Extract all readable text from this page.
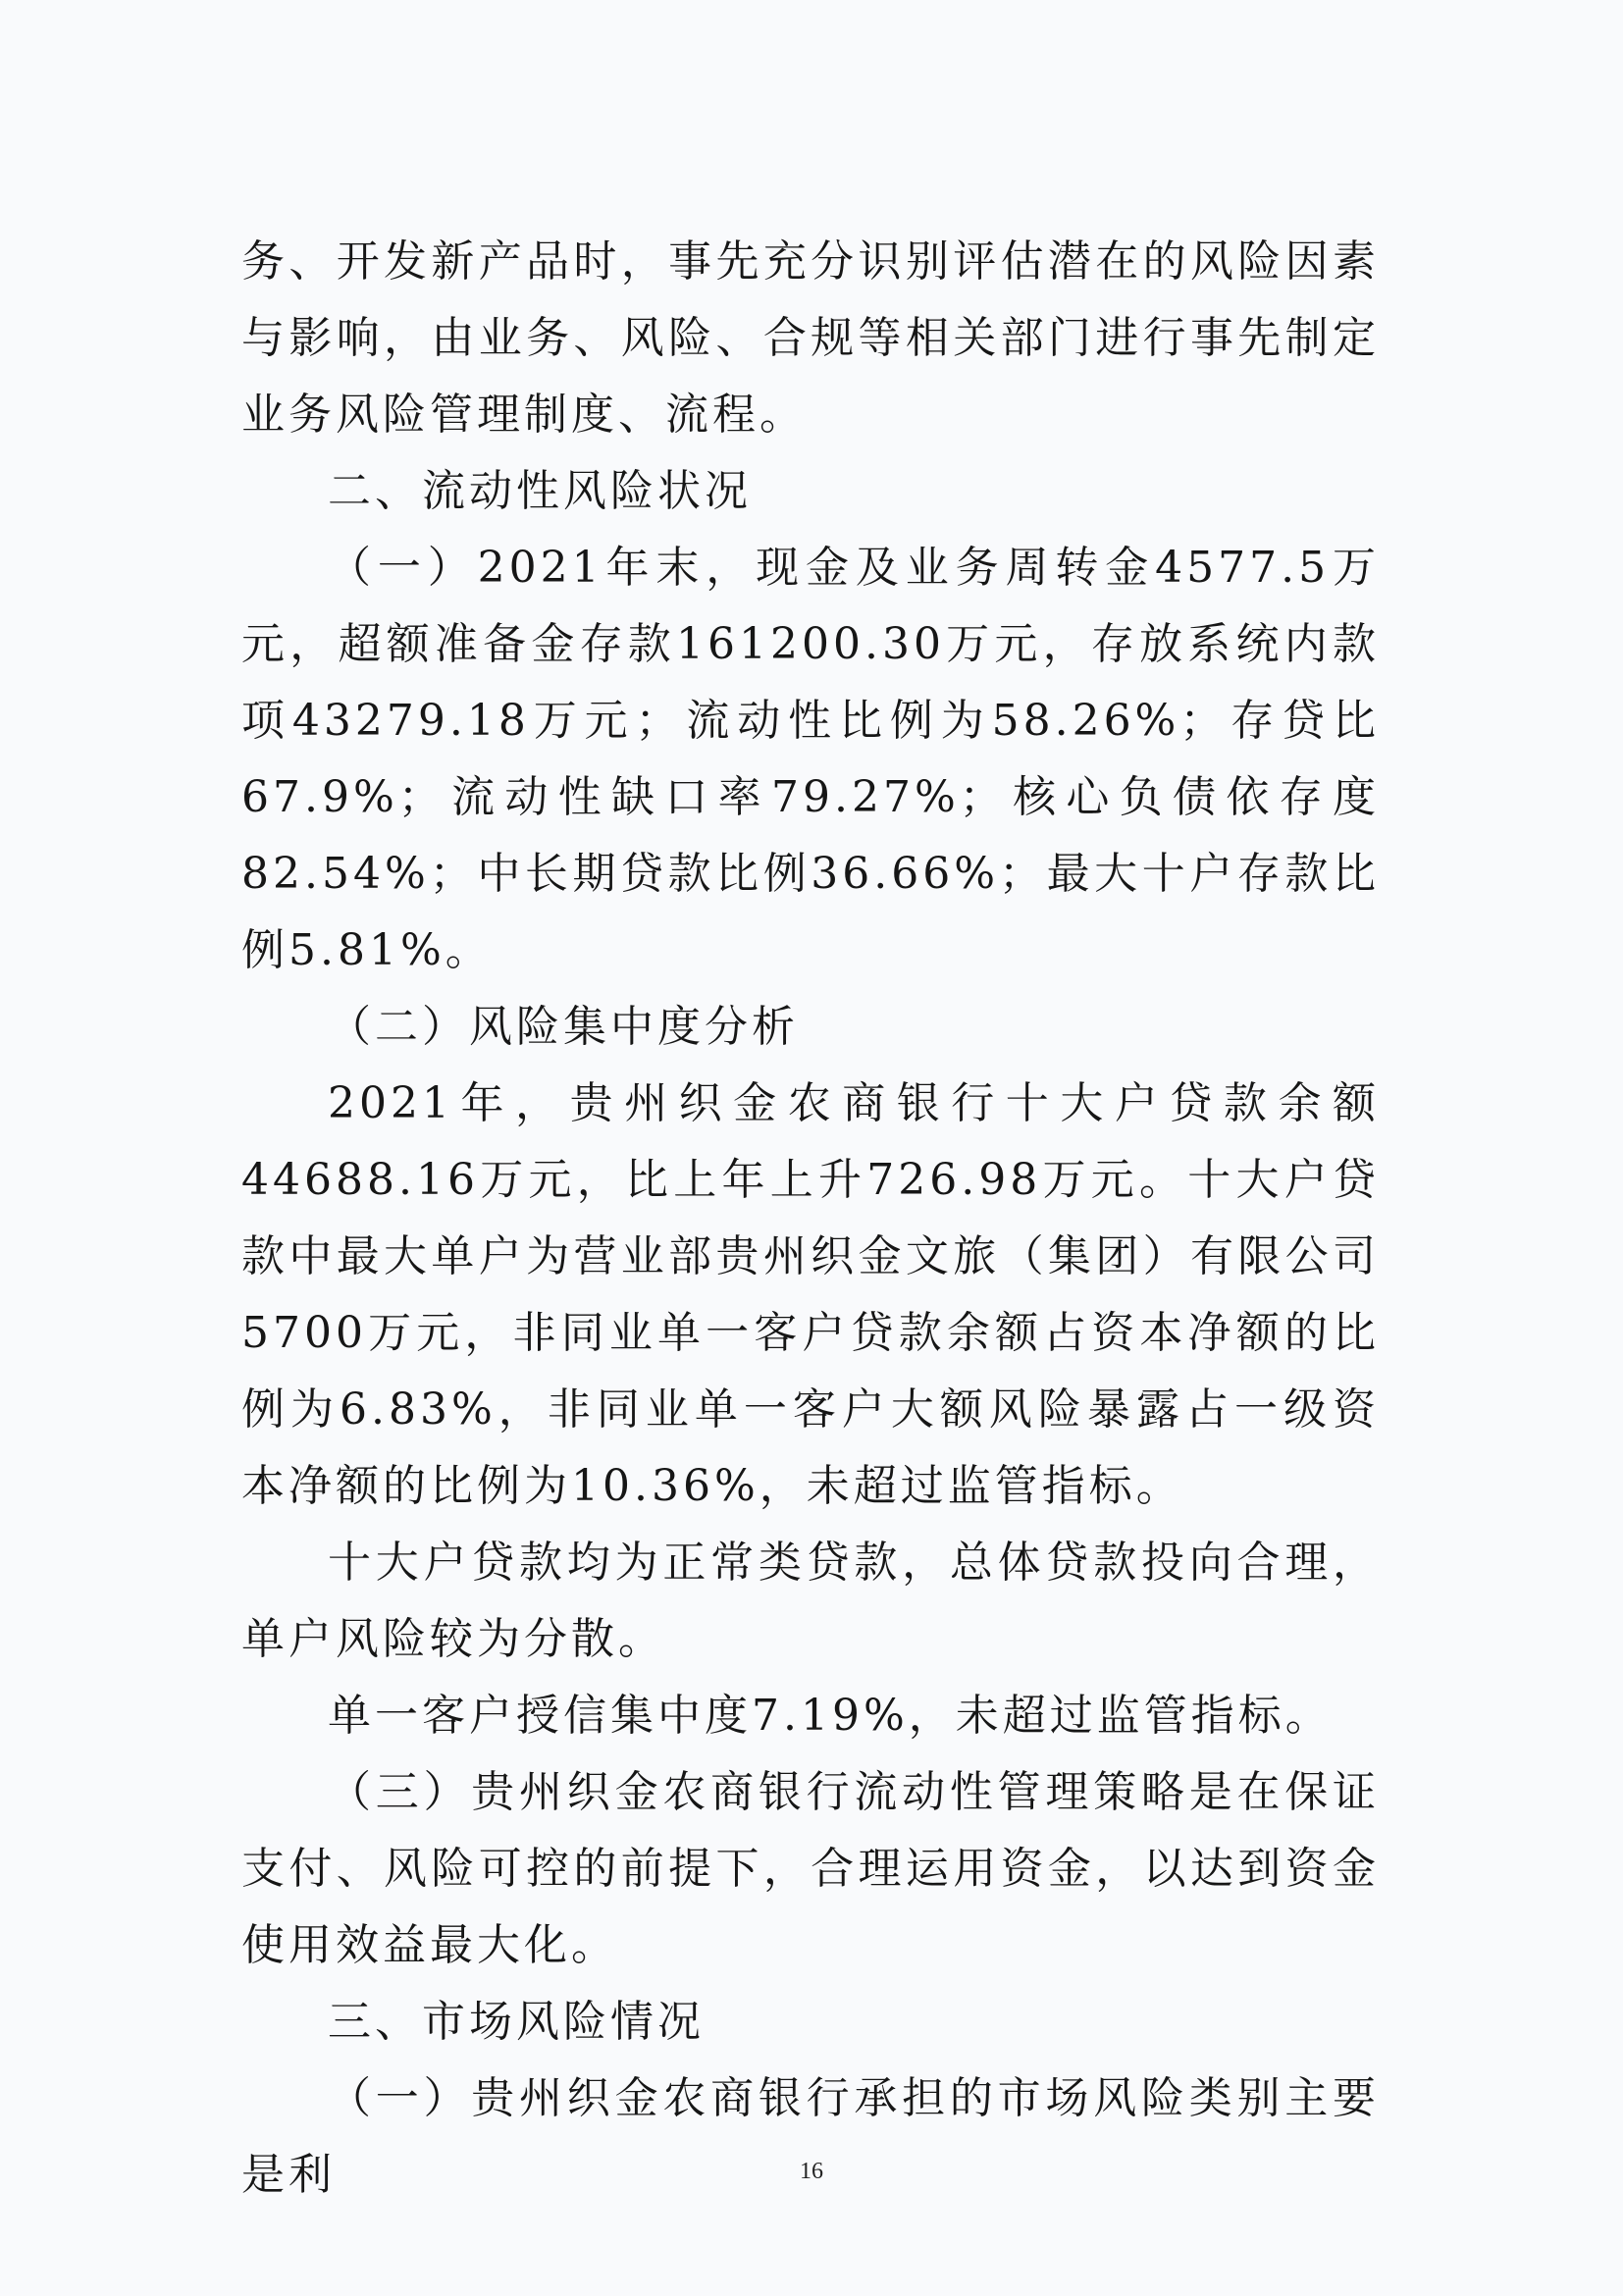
务、开发新产品时，事先充分识别评估潜在的风险因素与影响，由业务、风险、合规等相关部门进行事先制定业务风险管理制度、流程。

二、流动性风险状况

（一）2021年末，现金及业务周转金4577.5万元，超额准备金存款161200.30万元，存放系统内款项43279.18万元；流动性比例为58.26%；存贷比67.9%；流动性缺口率79.27%；核心负债依存度82.54%；中长期贷款比例36.66%；最大十户存款比例5.81%。

（二）风险集中度分析

2021年，贵州织金农商银行十大户贷款余额44688.16万元，比上年上升726.98万元。十大户贷款中最大单户为营业部贵州织金文旅（集团）有限公司5700万元，非同业单一客户贷款余额占资本净额的比例为6.83%，非同业单一客户大额风险暴露占一级资本净额的比例为10.36%，未超过监管指标。

十大户贷款均为正常类贷款，总体贷款投向合理，单户风险较为分散。

单一客户授信集中度7.19%，未超过监管指标。

（三）贵州织金农商银行流动性管理策略是在保证支付、风险可控的前提下，合理运用资金，以达到资金使用效益最大化。

三、市场风险情况

（一）贵州织金农商银行承担的市场风险类别主要是利	16
